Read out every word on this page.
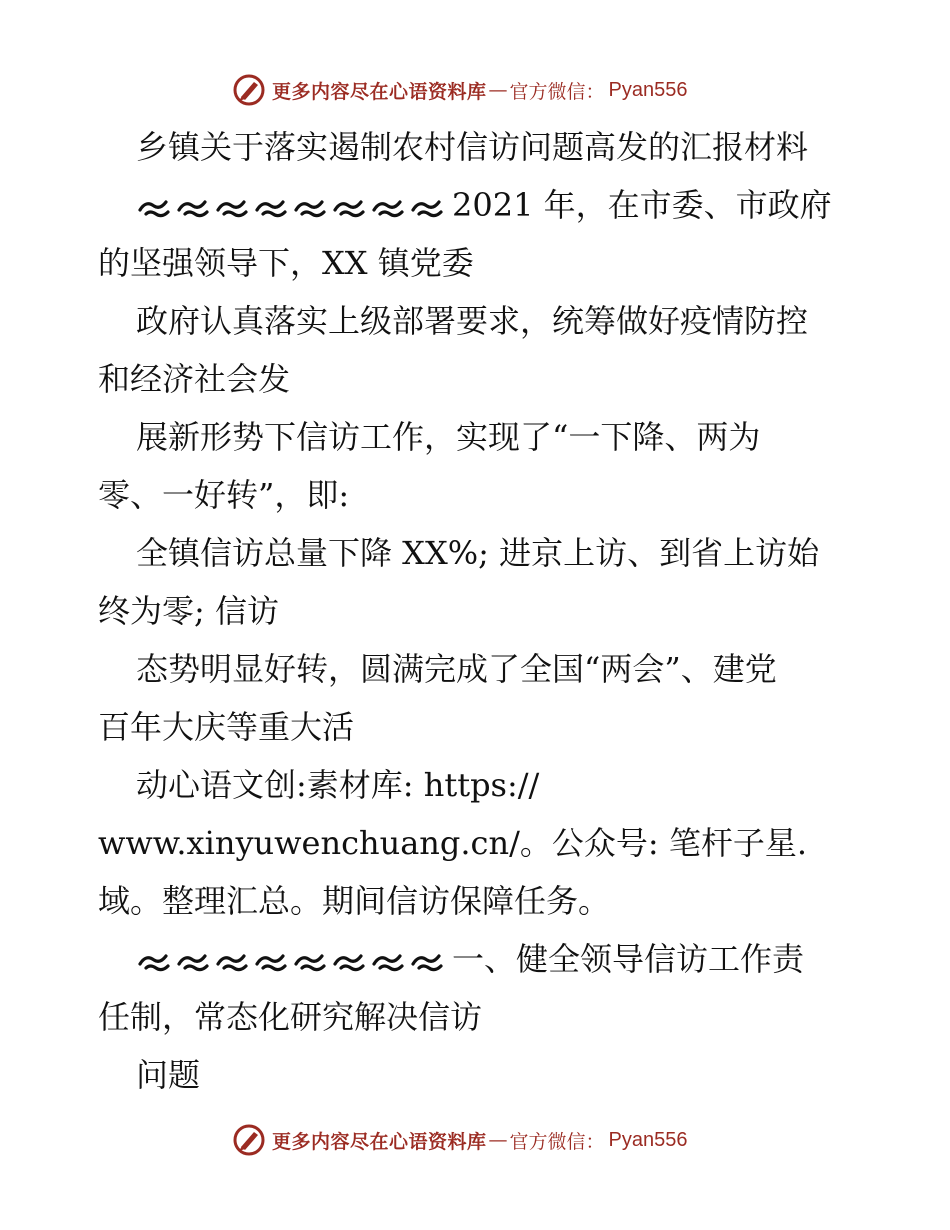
更多内容尽在心语资料库 — 官方微信： Pyan556
乡镇关于落实遏制农村信访问题高发的汇报材料
2021 年，在市委、市政府
的坚强领导下，XX 镇党委
政府认真落实上级部署要求，统筹做好疫情防控
和经济社会发
展新形势下信访工作，实现了“一下降、两为
零、一好转”，即:
全镇信访总量下降 XX%; 进京上访、到省上访始
终为零; 信访
态势明显好转，圆满完成了全国“两会”、建党
百年大庆等重大活
动心语文创:素材库: https://
www.xinyuwenchuang.cn/。公众号: 笔杆子星.
域。整理汇总。期间信访保障任务。
一、健全领导信访工作责
任制，常态化研究解决信访
问题
更多内容尽在心语资料库 — 官方微信： Pyan556
